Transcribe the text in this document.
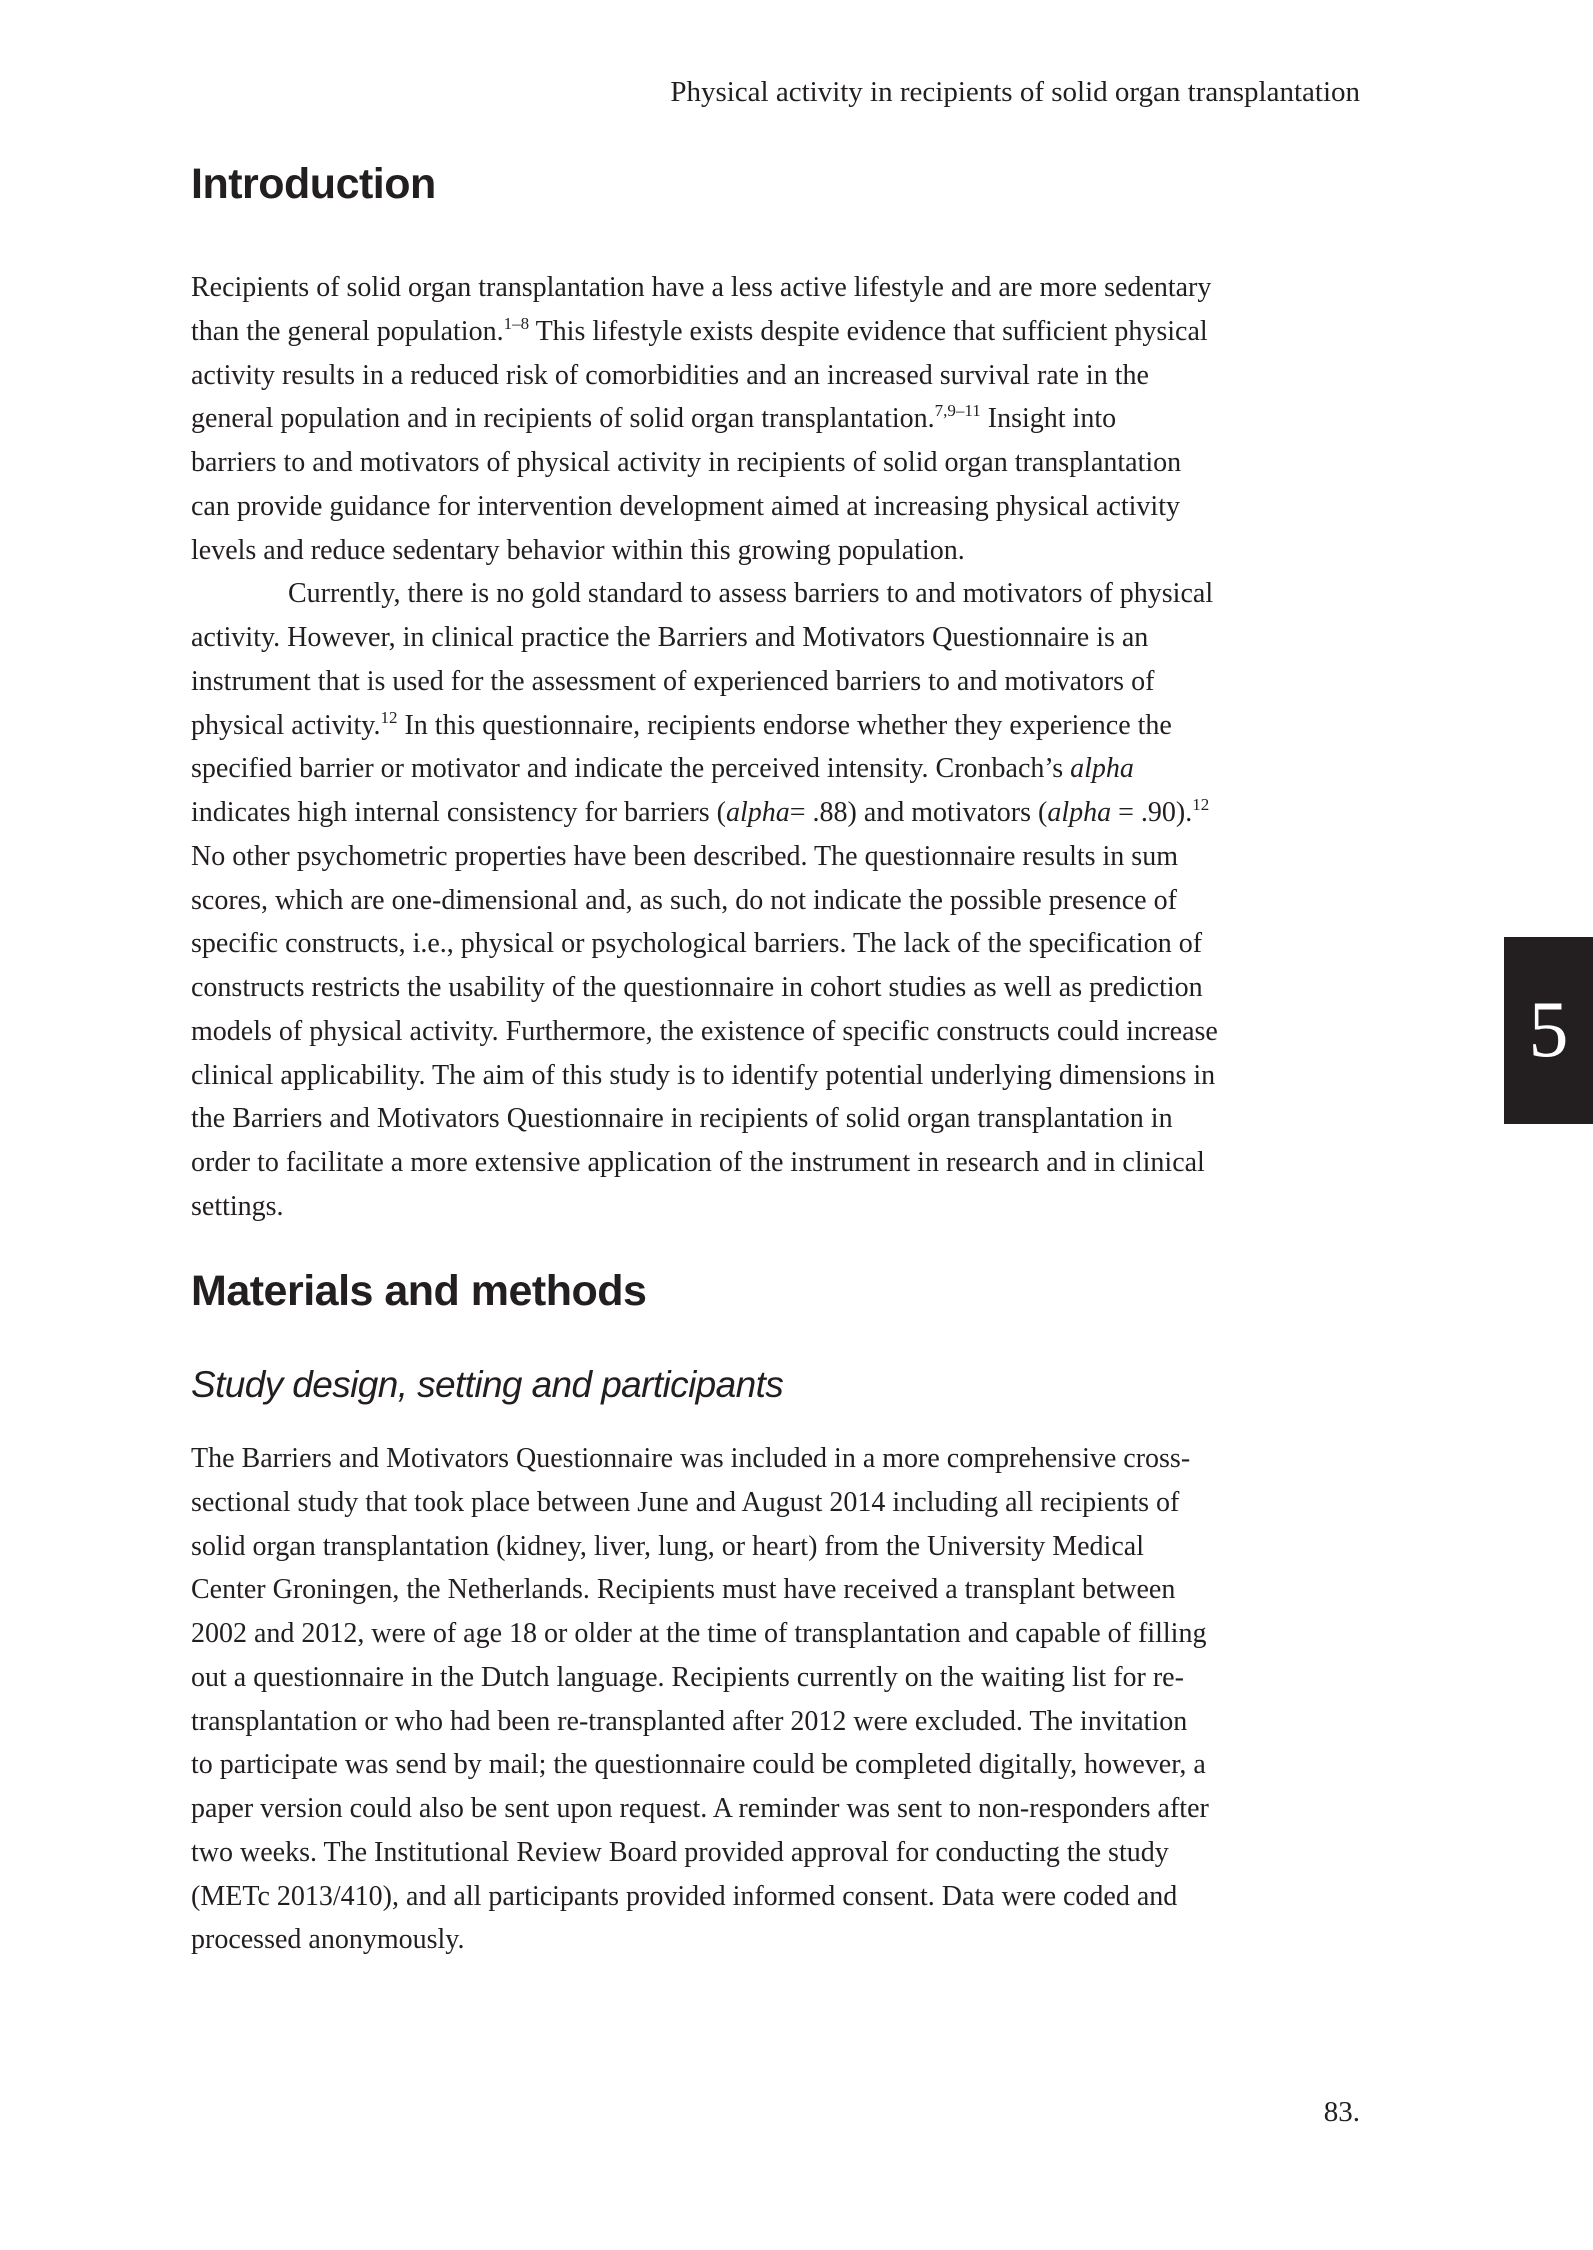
Physical activity in recipients of solid organ transplantation
Introduction
Recipients of solid organ transplantation have a less active lifestyle and are more sedentary
than the general population.$^{1-8}$ This lifestyle exists despite evidence that sufficient physical
activity results in a reduced risk of comorbidities and an increased survival rate in the
general population and in recipients of solid organ transplantation.$^{7,9-11}$ Insight into
barriers to and motivators of physical activity in recipients of solid organ transplantation
can provide guidance for intervention development aimed at increasing physical activity
levels and reduce sedentary behavior within this growing population.
Currently, there is no gold standard to assess barriers to and motivators of physical
activity. However, in clinical practice the Barriers and Motivators Questionnaire is an
instrument that is used for the assessment of experienced barriers to and motivators of
physical activity.$^{12}$ In this questionnaire, recipients endorse whether they experience the
specified barrier or motivator and indicate the perceived intensity. Cronbach’s alpha
indicates high internal consistency for barriers (alpha= .88) and motivators (alpha = .90).$^{12}$
No other psychometric properties have been described. The questionnaire results in sum
scores, which are one-dimensional and, as such, do not indicate the possible presence of
specific constructs, i.e., physical or psychological barriers. The lack of the specification of
constructs restricts the usability of the questionnaire in cohort studies as well as prediction
models of physical activity. Furthermore, the existence of specific constructs could increase
clinical applicability. The aim of this study is to identify potential underlying dimensions in
the Barriers and Motivators Questionnaire in recipients of solid organ transplantation in
order to facilitate a more extensive application of the instrument in research and in clinical
settings.
Materials and methods
Study design, setting and participants
The Barriers and Motivators Questionnaire was included in a more comprehensive cross-
sectional study that took place between June and August 2014 including all recipients of
solid organ transplantation (kidney, liver, lung, or heart) from the University Medical
Center Groningen, the Netherlands. Recipients must have received a transplant between
2002 and 2012, were of age 18 or older at the time of transplantation and capable of filling
out a questionnaire in the Dutch language. Recipients currently on the waiting list for re-
transplantation or who had been re-transplanted after 2012 were excluded. The invitation
to participate was send by mail; the questionnaire could be completed digitally, however, a
paper version could also be sent upon request. A reminder was sent to non-responders after
two weeks. The Institutional Review Board provided approval for conducting the study
(METc 2013/410), and all participants provided informed consent. Data were coded and
processed anonymously.
5
83.
